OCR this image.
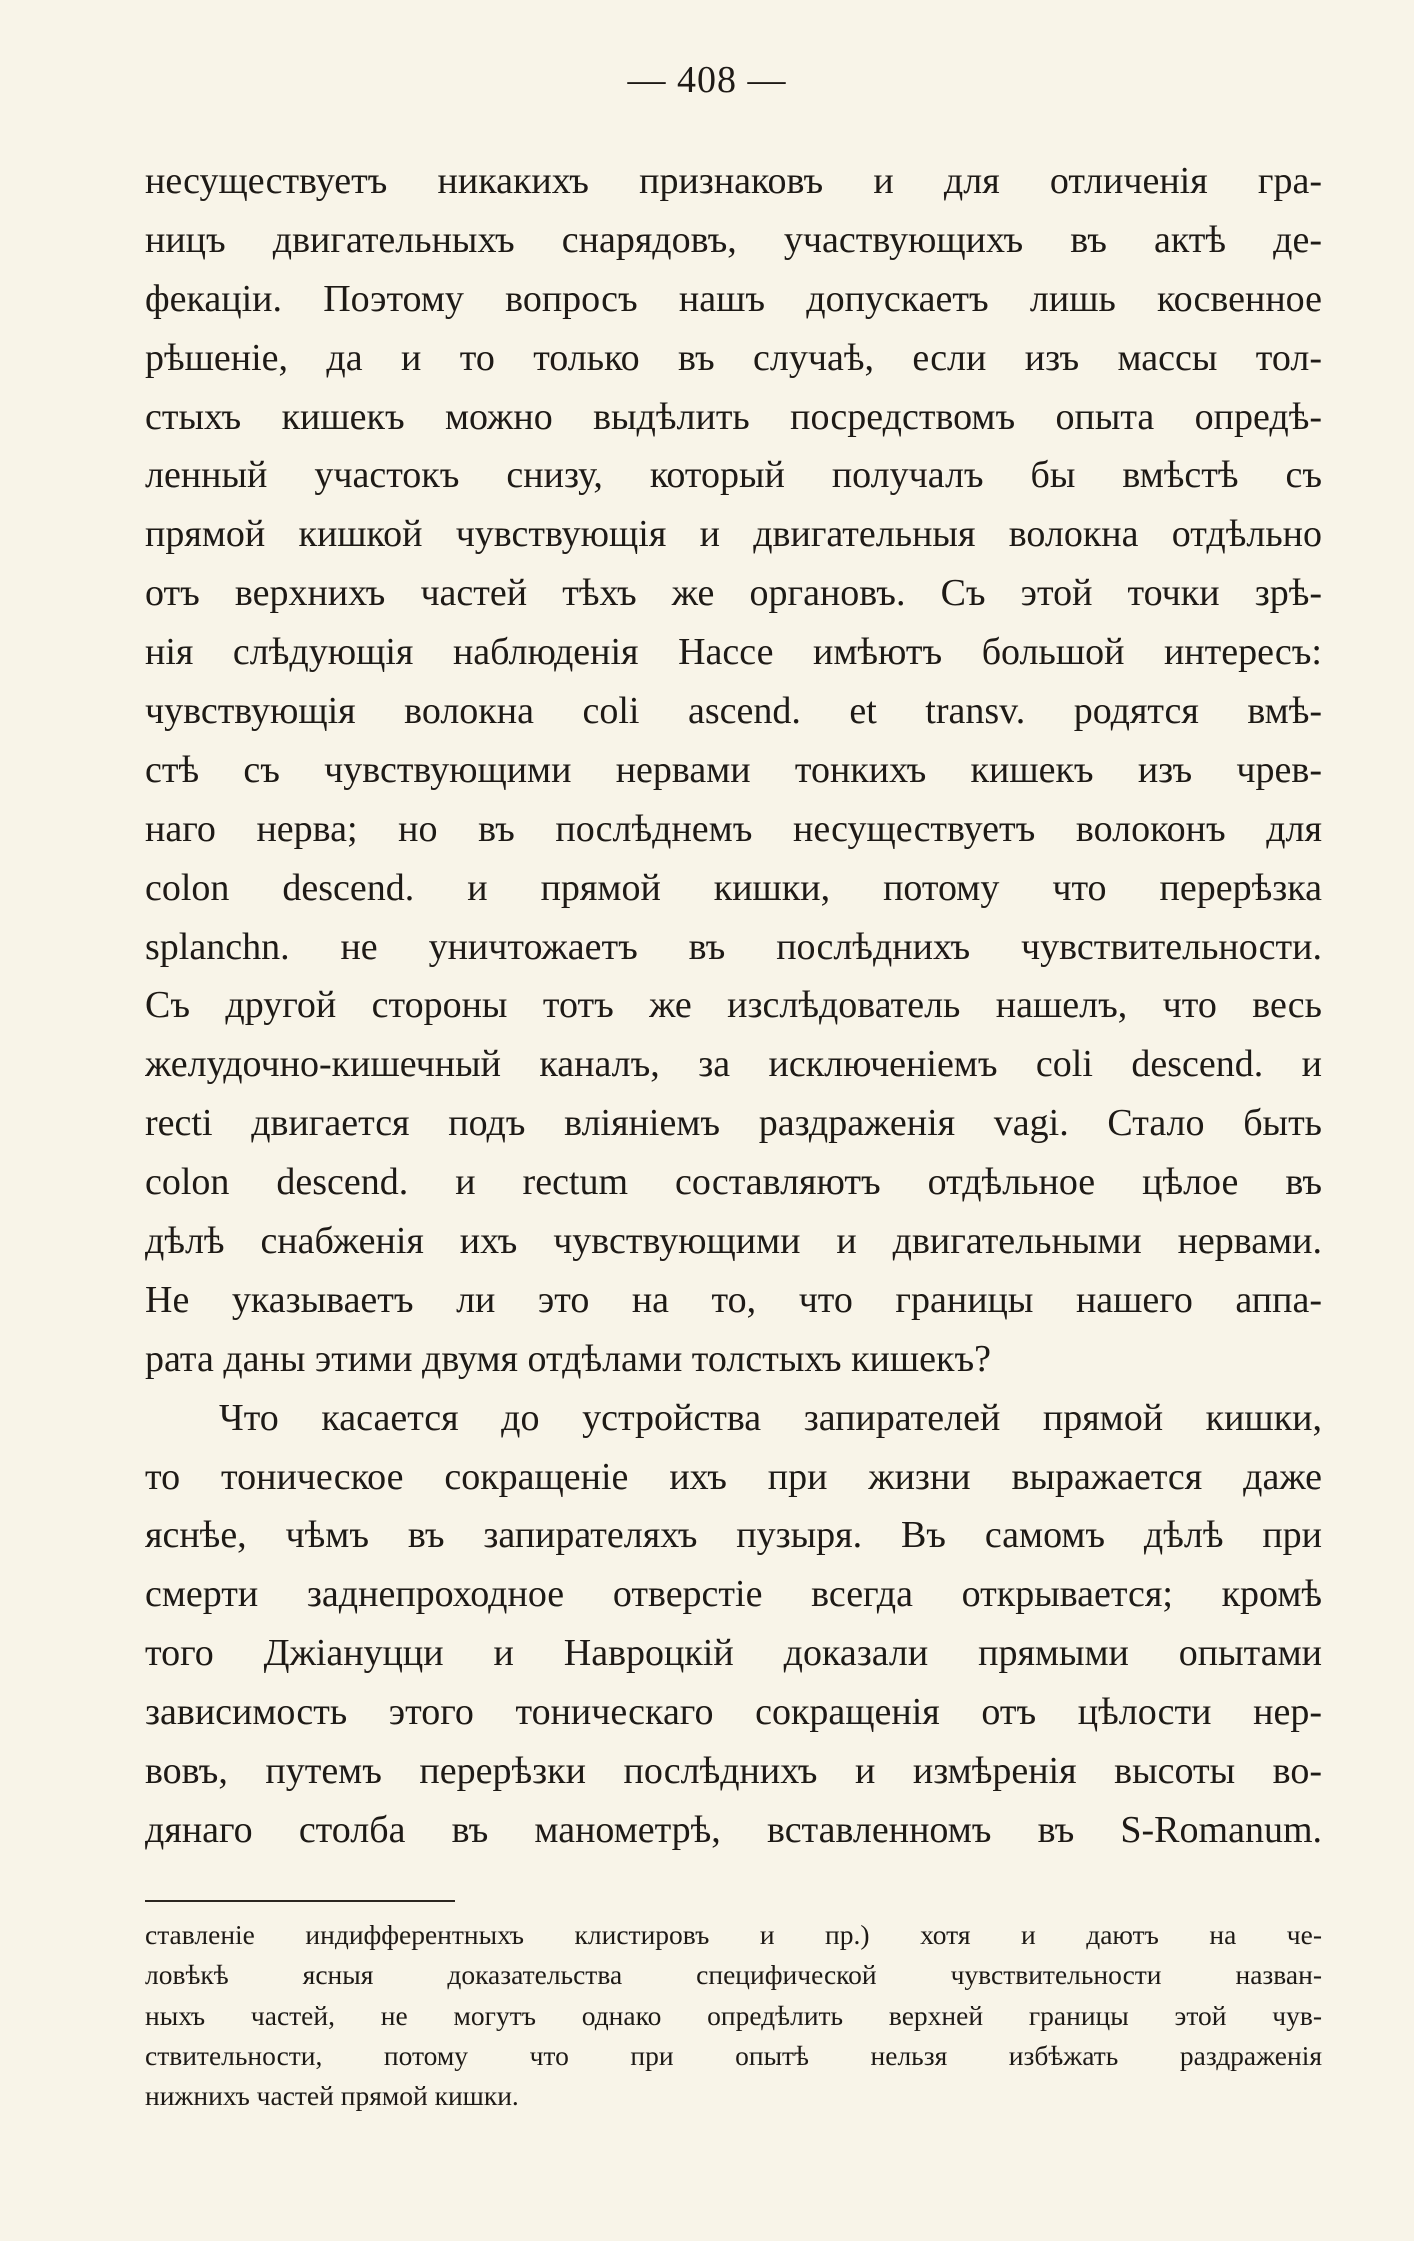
— 408 —

несуществуетъ никакихъ признаковъ и для отличенія гра-
ницъ двигательныхъ снарядовъ, участвующихъ въ актѣ де-
фекаціи. Поэтому вопросъ нашъ допускаетъ лишь косвенное
рѣшеніе, да и то только въ случаѣ, если изъ массы тол-
стыхъ кишекъ можно выдѣлить посредствомъ опыта опредѣ-
ленный участокъ снизу, который получалъ бы вмѣстѣ съ
прямой кишкой чувствующія и двигательныя волокна отдѣльно
отъ верхнихъ частей тѣхъ же органовъ. Съ этой точки зрѣ-
нія слѣдующія наблюденія Нассе имѣютъ большой интересъ:
чувствующія волокна coli ascend. et transv. родятся вмѣ-
стѣ съ чувствующими нервами тонкихъ кишекъ изъ чрев-
наго нерва; но въ послѣднемъ несуществуетъ волоконъ для
colon descend. и прямой кишки, потому что перерѣзка
splanchn. не уничтожаетъ въ послѣднихъ чувствительности.
Съ другой стороны тотъ же изслѣдователь нашелъ, что весь
желудочно-кишечный каналъ, за исключеніемъ coli descend. и
recti двигается подъ вліяніемъ раздраженія vagi. Стало быть
colon descend. и rectum составляютъ отдѣльное цѣлое въ
дѣлѣ снабженія ихъ чувствующими и двигательными нервами.
Не указываетъ ли это на то, что границы нашего аппа-
рата даны этими двумя отдѣлами толстыхъ кишекъ?
Что касается до устройства запирателей прямой кишки,
то тоническое сокращеніе ихъ при жизни выражается даже
яснѣе, чѣмъ въ запирателяхъ пузыря. Въ самомъ дѣлѣ при
смерти заднепроходное отверстіе всегда открывается; кромѣ
того Джіануцци и Навроцкій доказали прямыми опытами
зависимость этого тоническаго сокращенія отъ цѣлости нер-
вовъ, путемъ перерѣзки послѣднихъ и измѣренія высоты во-
дянаго столба въ манометрѣ, вставленномъ въ S-Romanum.
ставленіе индифферентныхъ клистировъ и пр.) хотя и даютъ на че-
ловѣкѣ ясныя доказательства специфической чувствительности назван-
ныхъ частей, не могутъ однако опредѣлить верхней границы этой чув-
ствительности, потому что при опытѣ нельзя избѣжать раздраженія
нижнихъ частей прямой кишки.
